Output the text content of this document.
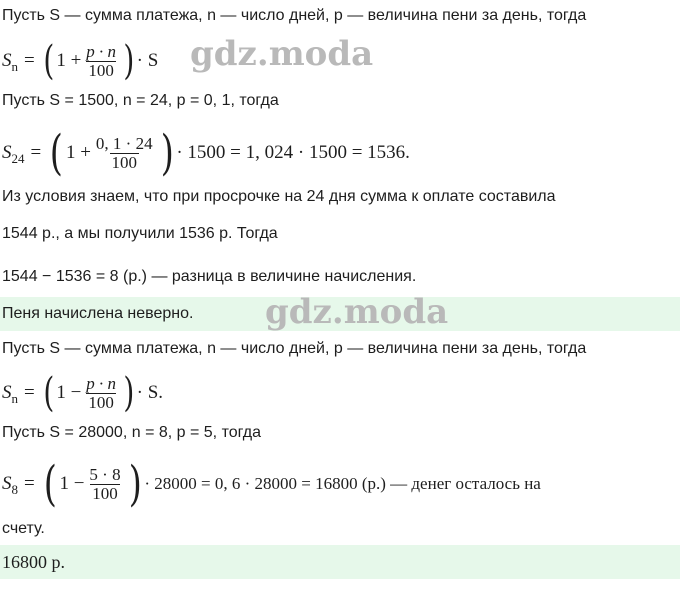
Пусть S — сумма платежа, n — число дней, p — величина пени за день, тогда
$S_n$ = ( $1 + \frac{p \cdot n}{100}$ ) · S gdz.moda
Пусть S = 1500, n = 24, p = 0, 1, тогда
$S_{24}$ = ( $1 + \frac{0, 1 \cdot 24}{100}$ ) · 1500 = 1, 024 · 1500 = 1536.
Из условия знаем, что при просрочке на 24 дня сумма к оплате составила
1544 р., а мы получили 1536 р. Тогда
1544 − 1536 = 8 (р.) — разница в величине начисления.
Пеня начислена неверно. gdz.moda
Пусть S — сумма платежа, n — число дней, p — величина пени за день, тогда
$S_n$ = ( $1 - \frac{p \cdot n}{100}$ ) · S.
Пусть S = 28000, n = 8, p = 5, тогда
$S_8$ = ( $1 - \frac{5 \cdot 8}{100}$ ) · 28000 = 0, 6 · 28000 = 16800 (р.) — денег осталось на
счету.
16800 р.
